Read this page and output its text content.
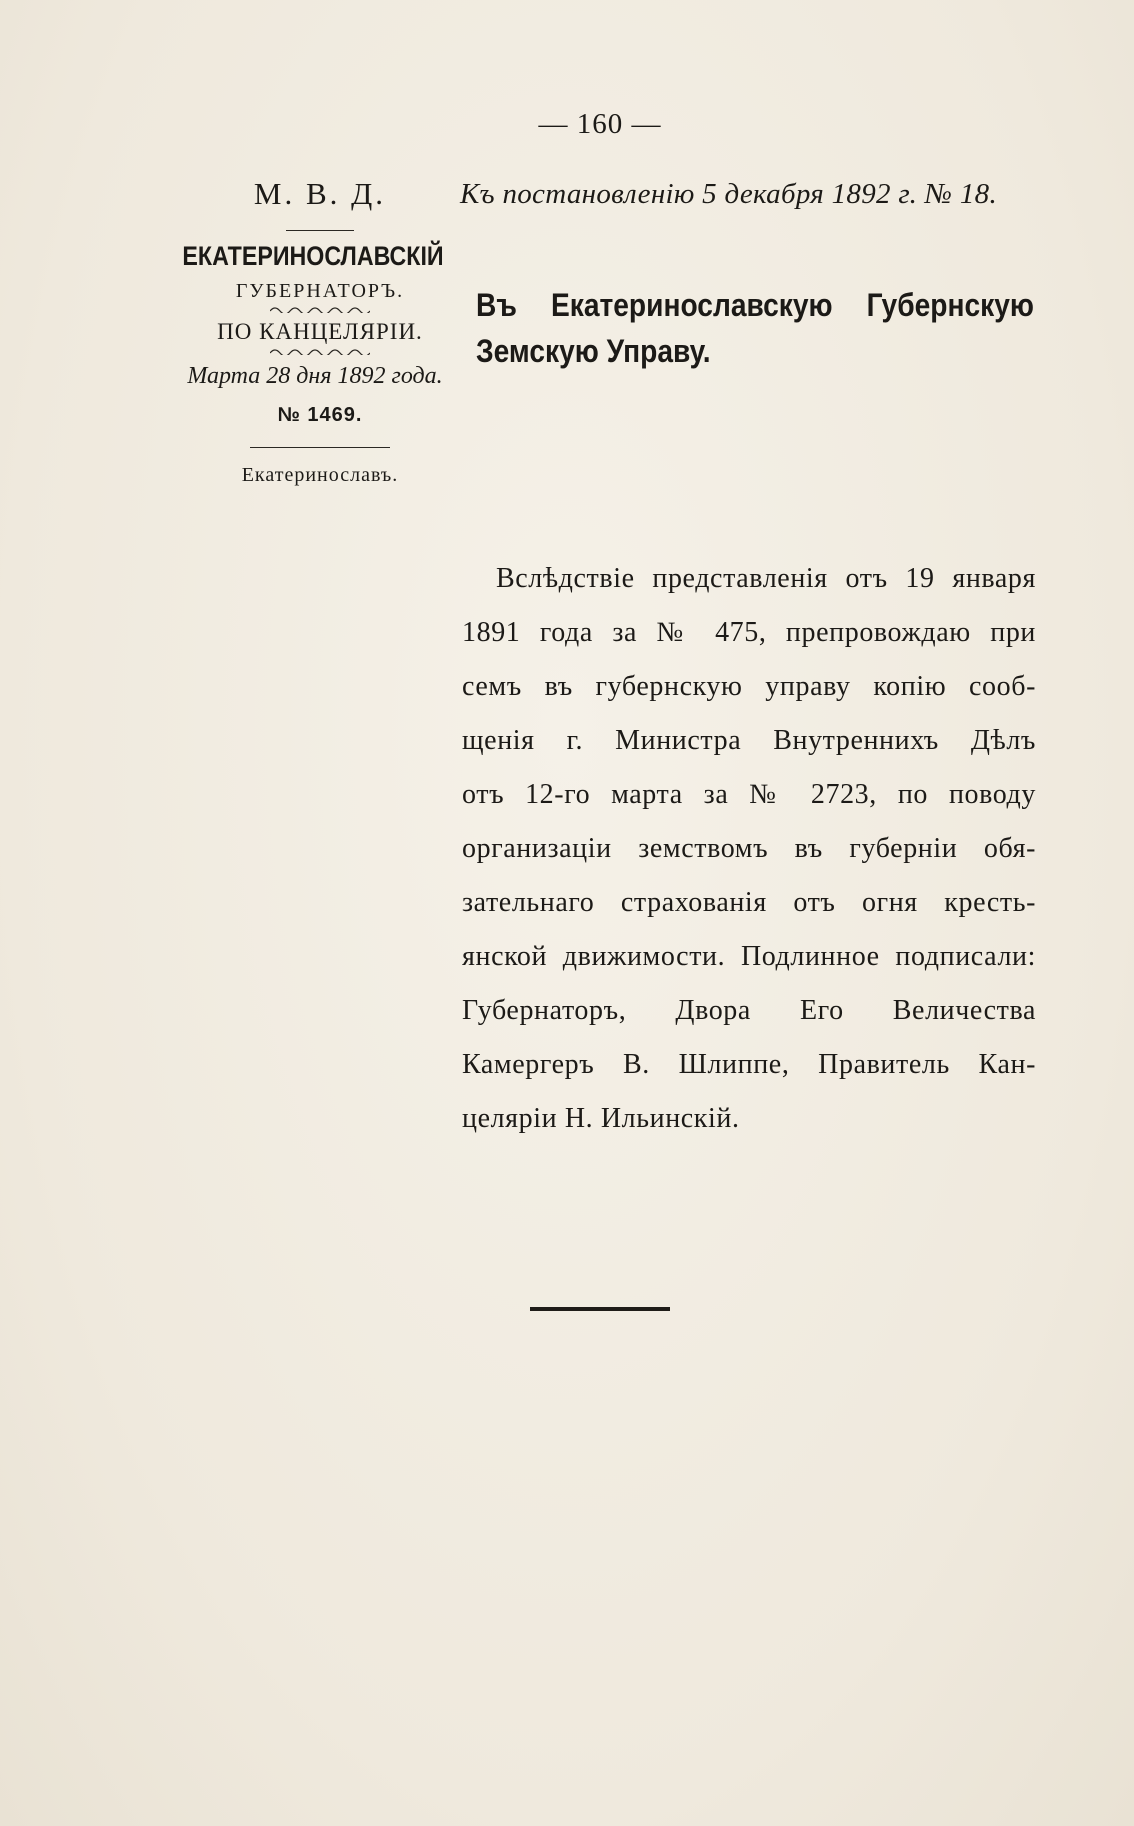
— 160 —
М. В. Д.
ЕКАТЕРИНОСЛАВСКІЙ
ГУБЕРНАТОРЪ.
ПО КАНЦЕЛЯРІИ.
Марта 28 дня 1892 года.
№ 1469.
Екатеринославъ.
Къ постановленію 5 декабря 1892 г. № 18.
Въ Екатеринославскую Губернскую
Земскую Управу.
Вслѣдствіе представленія отъ 19 января
1891 года за № 475, препровождаю при
семъ въ губернскую управу копію сооб-
щенія г. Министра Внутреннихъ Дѣлъ
отъ 12-го марта за № 2723, по поводу
организаціи земствомъ въ губерніи обя-
зательнаго страхованія отъ огня кресть-
янской движимости. Подлинное подписали:
Губернаторъ, Двора Его Величества
Камергеръ В. Шлиппе, Правитель Кан-
целяріи Н. Ильинскій.
